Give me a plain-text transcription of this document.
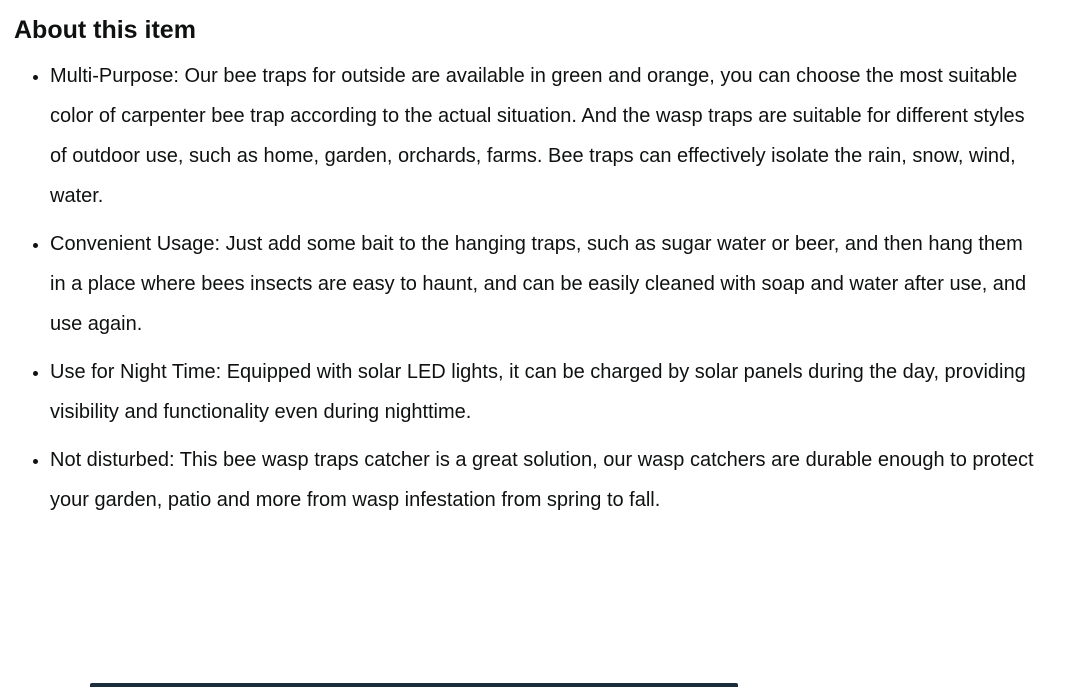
About this item
• Multi-Purpose: Our bee traps for outside are available in green and orange, you can choose the most suitable color of carpenter bee trap according to the actual situation. And the wasp traps are suitable for different styles of outdoor use, such as home, garden, orchards, farms. Bee traps can effectively isolate the rain, snow, wind, water.
• Convenient Usage: Just add some bait to the hanging traps, such as sugar water or beer, and then hang them in a place where bees insects are easy to haunt, and can be easily cleaned with soap and water after use, and use again.
• Use for Night Time: Equipped with solar LED lights, it can be charged by solar panels during the day, providing visibility and functionality even during nighttime.
• Not disturbed: This bee wasp traps catcher is a great solution, our wasp catchers are durable enough to protect your garden, patio and more from wasp infestation from spring to fall.
